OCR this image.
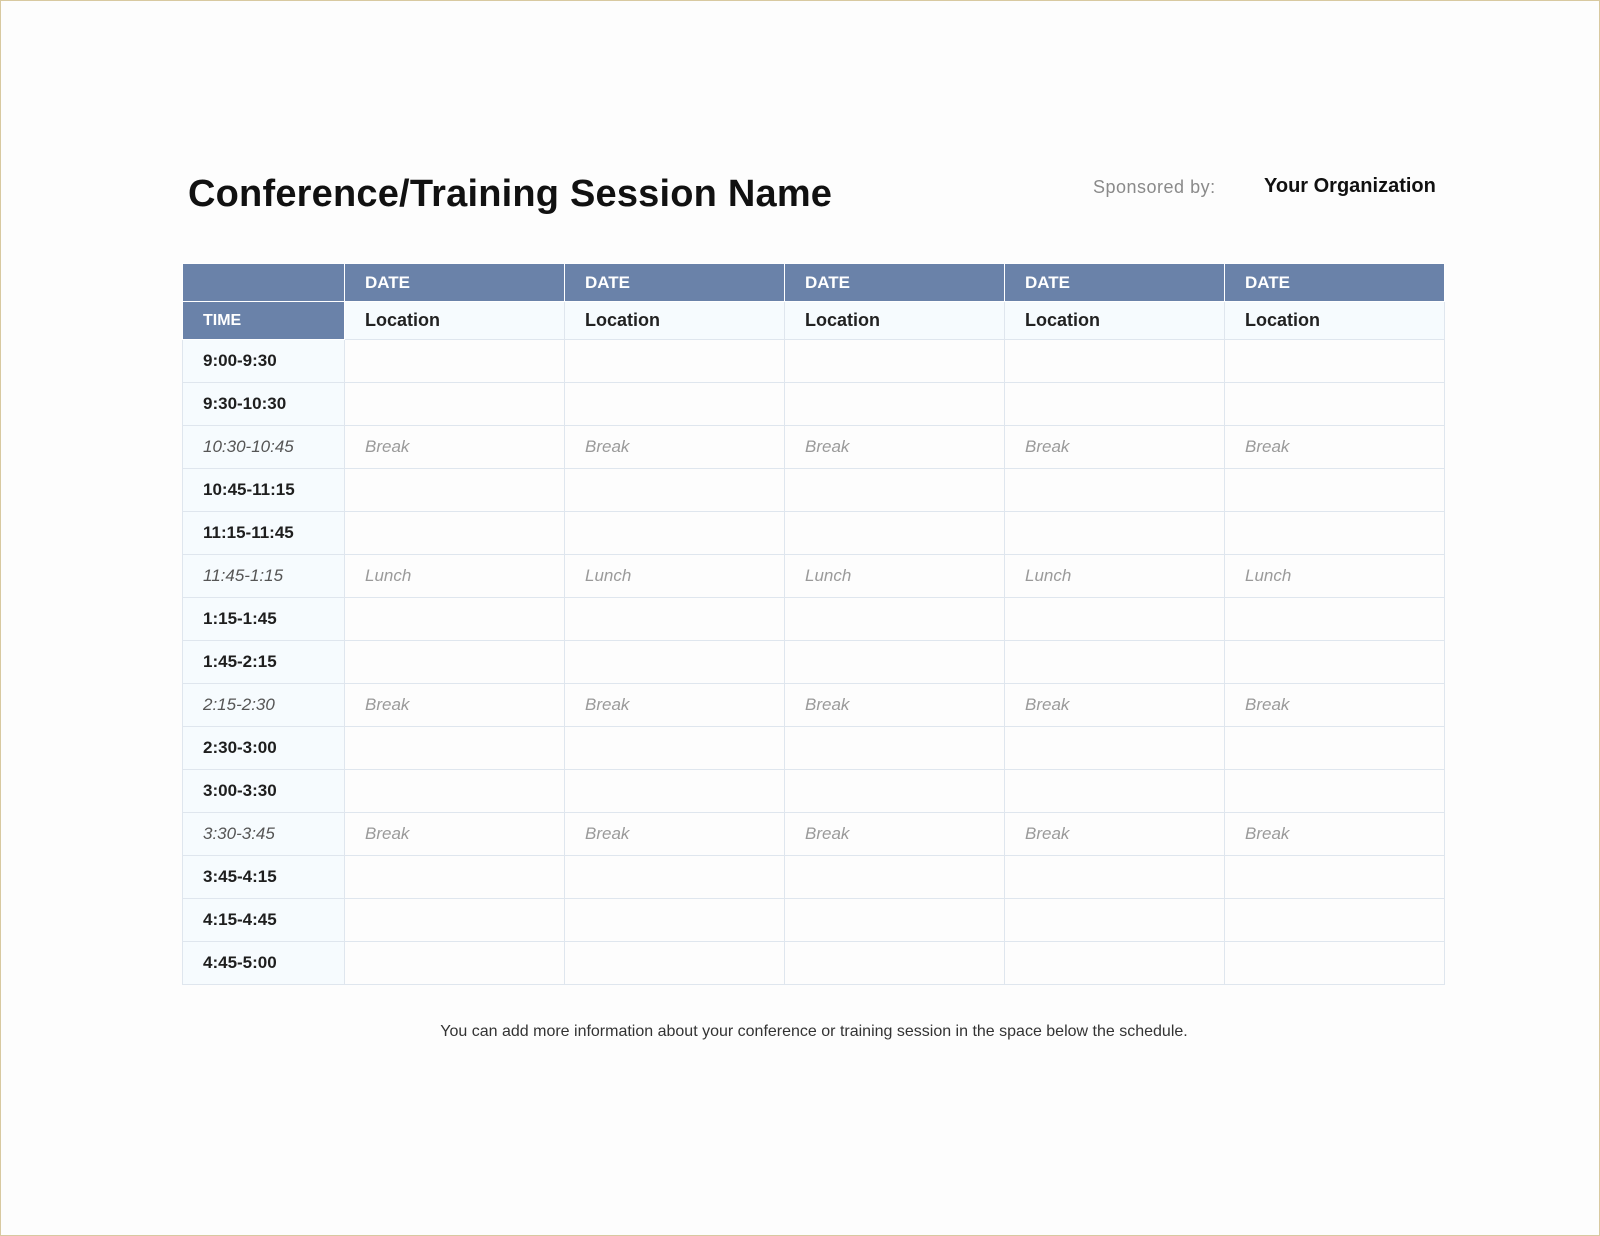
Conference/Training Session Name	Sponsored by: Your Organization
	DATE	DATE	DATE	DATE	DATE
TIME	Location	Location	Location	Location	Location
9:00-9:30					
9:30-10:30					
10:30-10:45	Break	Break	Break	Break	Break
10:45-11:15					
11:15-11:45					
11:45-1:15	Lunch	Lunch	Lunch	Lunch	Lunch
1:15-1:45					
1:45-2:15					
2:15-2:30	Break	Break	Break	Break	Break
2:30-3:00					
3:00-3:30					
3:30-3:45	Break	Break	Break	Break	Break
3:45-4:15					
4:15-4:45					
4:45-5:00					
You can add more information about your conference or training session in the space below the schedule.
